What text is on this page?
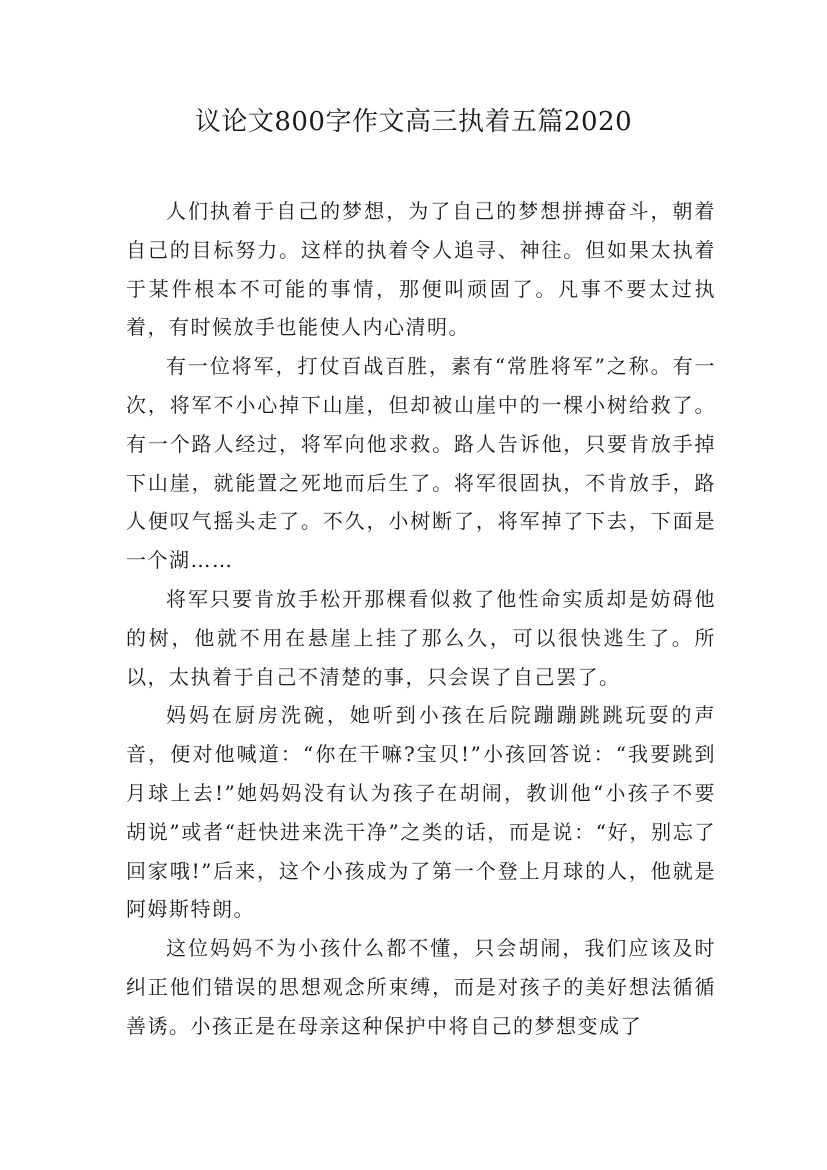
议论文800字作文高三执着五篇2020

人们执着于自己的梦想，为了自己的梦想拼搏奋斗，朝着自己的目标努力。这样的执着令人追寻、神往。但如果太执着于某件根本不可能的事情，那便叫顽固了。凡事不要太过执着，有时候放手也能使人内心清明。

有一位将军，打仗百战百胜，素有“常胜将军”之称。有一次，将军不小心掉下山崖，但却被山崖中的一棵小树给救了。有一个路人经过，将军向他求救。路人告诉他，只要肯放手掉下山崖，就能置之死地而后生了。将军很固执，不肯放手，路人便叹气摇头走了。不久，小树断了，将军掉了下去，下面是一个湖……

将军只要肯放手松开那棵看似救了他性命实质却是妨碍他的树，他就不用在悬崖上挂了那么久，可以很快逃生了。所以，太执着于自己不清楚的事，只会误了自己罢了。

妈妈在厨房洗碗，她听到小孩在后院蹦蹦跳跳玩耍的声音，便对他喊道：“你在干嘛?宝贝!”小孩回答说：“我要跳到月球上去!”她妈妈没有认为孩子在胡闹，教训他“小孩子不要胡说”或者“赶快进来洗干净”之类的话，而是说：“好，别忘了回家哦!”后来，这个小孩成为了第一个登上月球的人，他就是阿姆斯特朗。

这位妈妈不为小孩什么都不懂，只会胡闹，我们应该及时纠正他们错误的思想观念所束缚，而是对孩子的美好想法循循善诱。小孩正是在母亲这种保护中将自己的梦想变成了
